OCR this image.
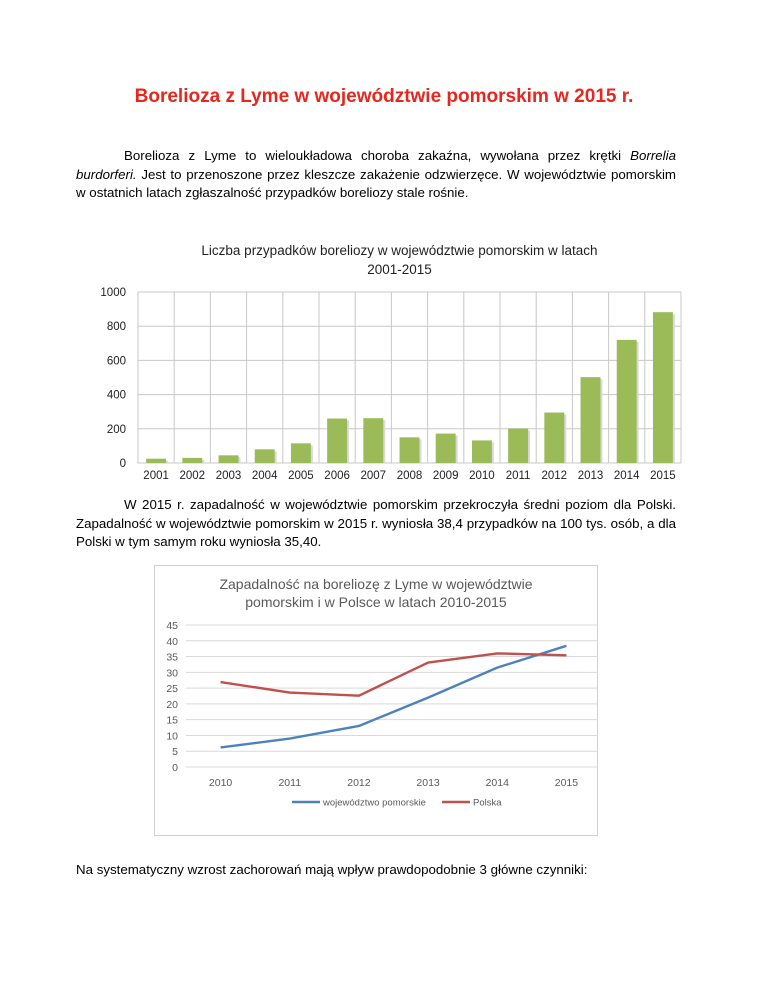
Borelioza z Lyme w województwie pomorskim w 2015 r.
Borelioza z Lyme to wieloukładowa choroba zakaźna, wywołana przez krętki Borrelia burdorferi. Jest to przenoszone przez kleszcze zakażenie odzwierzęce. W województwie pomorskim w ostatnich latach zgłaszalność przypadków boreliozy stale rośnie.
Liczba przypadków boreliozy w województwie pomorskim w latach
2001-2015
0
200
400
600
800
1000
2001 2002 2003 2004 2005 2006 2007 2008 2009 2010 2011 2012 2013 2014 2015
W 2015 r. zapadalność w województwie pomorskim przekroczyła średni poziom dla Polski. Zapadalność w województwie pomorskim w 2015 r. wyniosła 38,4 przypadków na 100 tys. osób, a dla Polski w tym samym roku wyniosła 35,40.
Zapadalność na boreliozę z Lyme w województwie
pomorskim i w Polsce w latach 2010-2015
0
5
10
15
20
25
30
35
40
45
2010	2011	2012	2013	2014	2015
województwo pomorskie	Polska
Na systematyczny wzrost zachorowań mają wpływ prawdopodobnie 3 główne czynniki:
